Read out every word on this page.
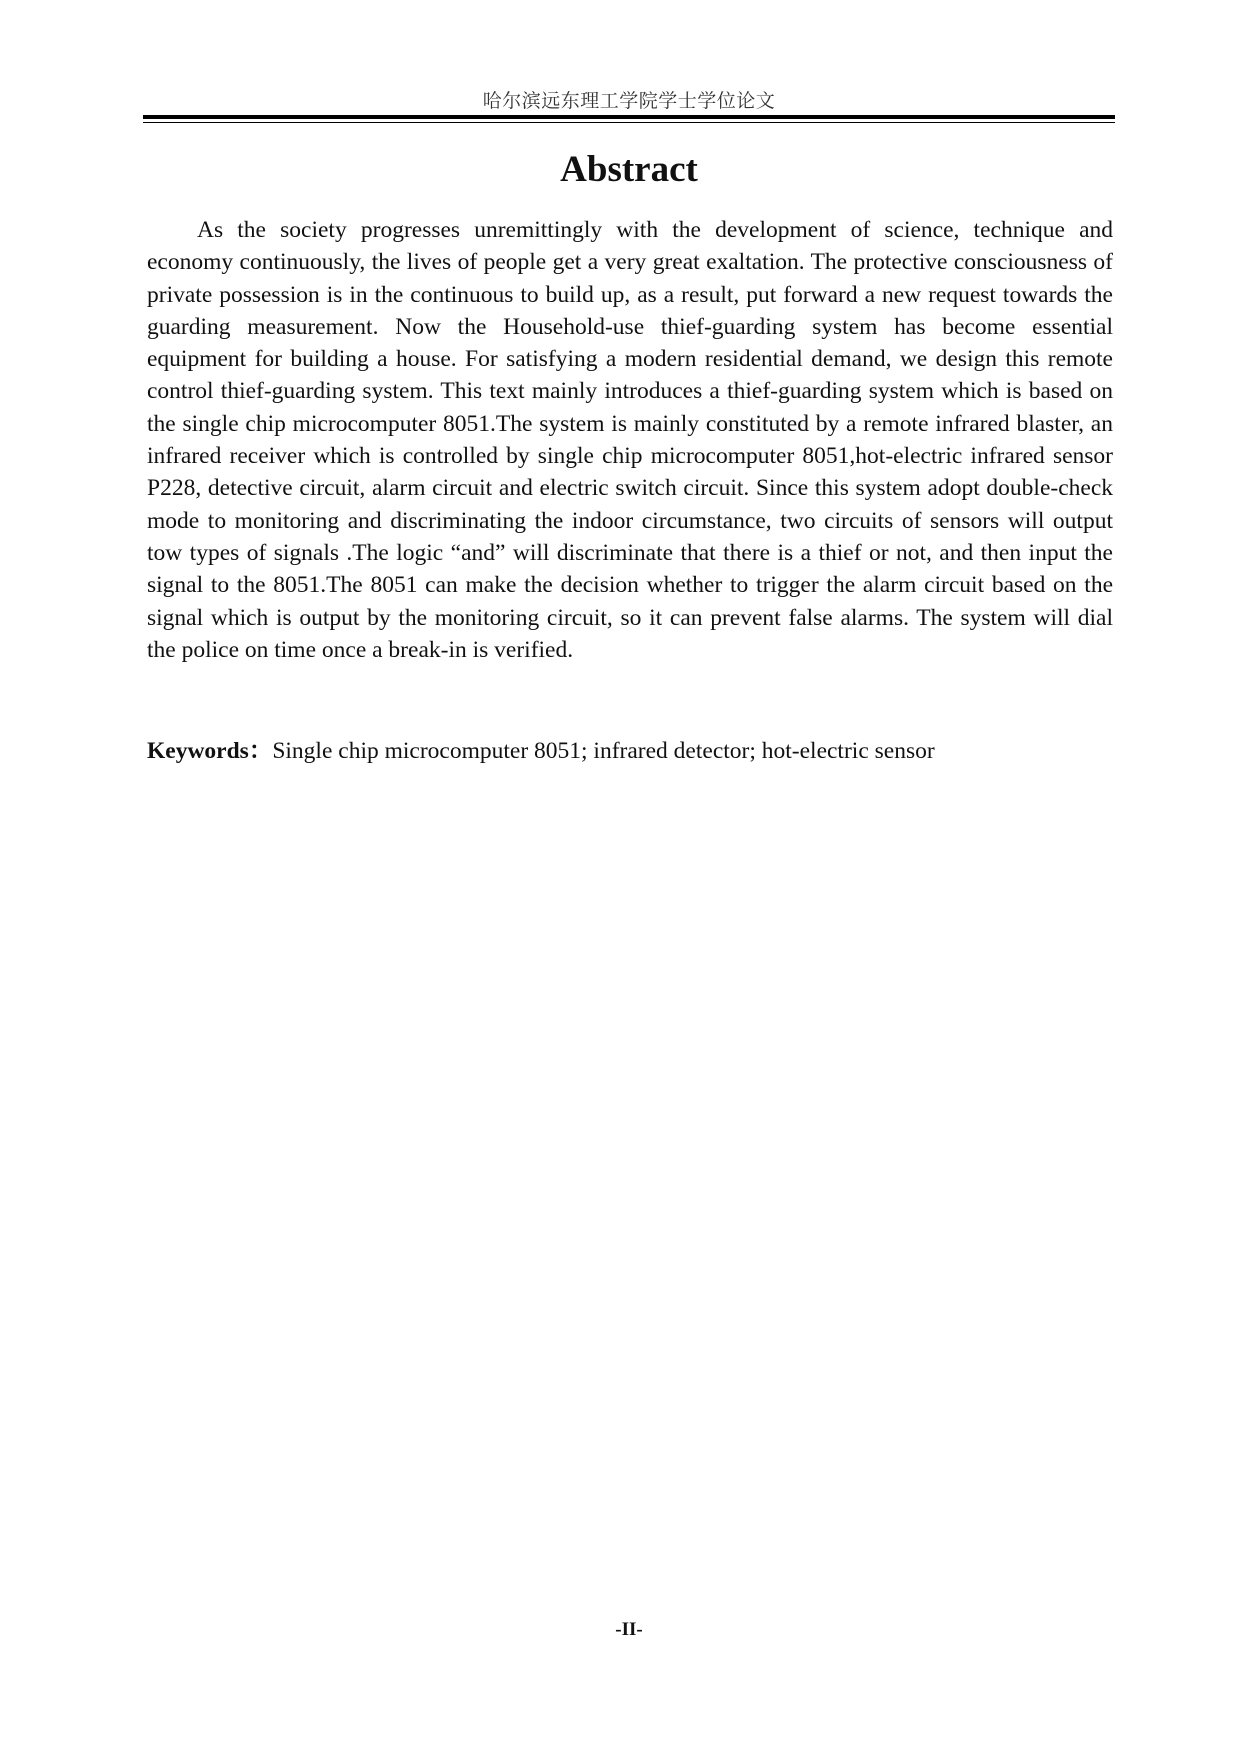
哈尔滨远东理工学院学士学位论文
Abstract

As the society progresses unremittingly with the development of science, technique and economy continuously, the lives of people get a very great exaltation. The protective consciousness of private possession is in the continuous to build up, as a result, put forward a new request towards the guarding measurement. Now the Household-use thief-guarding system has become essential equipment for building a house. For satisfying a modern residential demand, we design this remote control thief-guarding system. This text mainly introduces a thief-guarding system which is based on the single chip microcomputer 8051.The system is mainly constituted by a remote infrared blaster, an infrared receiver which is controlled by single chip microcomputer 8051,hot-electric infrared sensor P228, detective circuit, alarm circuit and electric switch circuit. Since this system adopt double-check mode to monitoring and discriminating the indoor circumstance, two circuits of sensors will output tow types of signals .The logic “and” will discriminate that there is a thief or not, and then input the signal to the 8051.The 8051 can make the decision whether to trigger the alarm circuit based on the signal which is output by the monitoring circuit, so it can prevent false alarms. The system will dial the police on time once a break-in is verified.

Keywords：Single chip microcomputer 8051; infrared detector; hot-electric sensor

-II-
